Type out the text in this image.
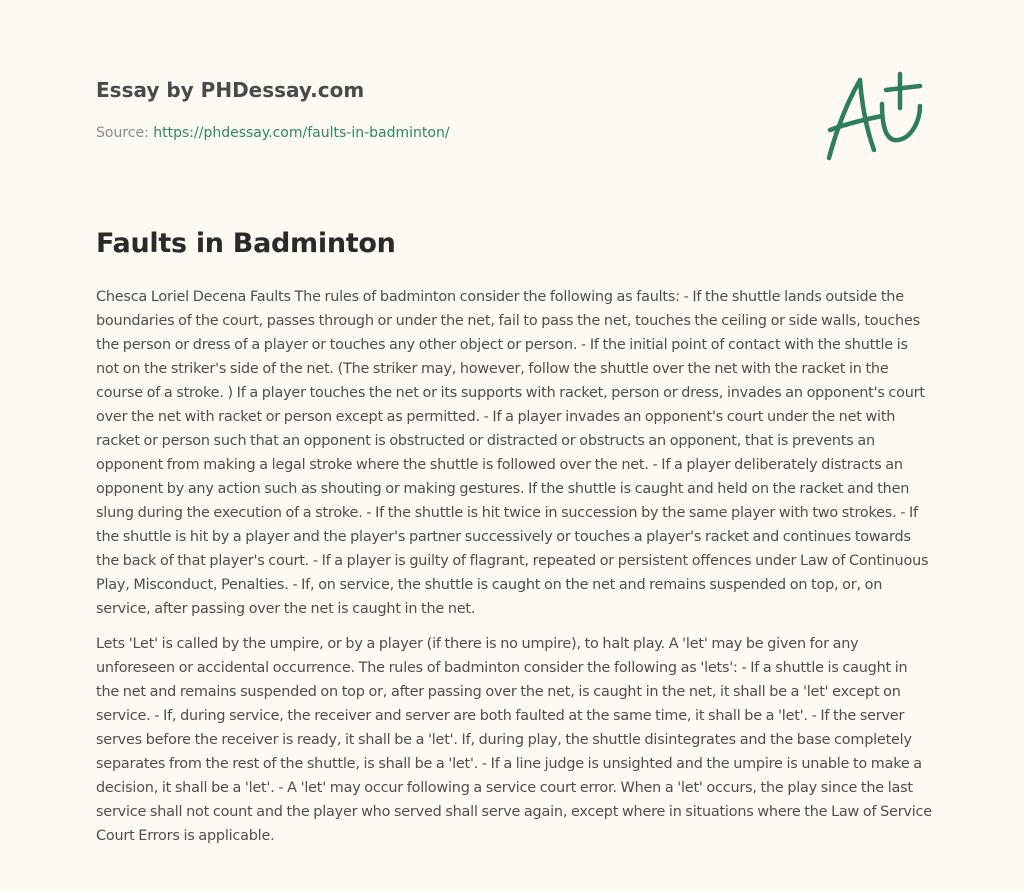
Essay by PHDessay.com

Source: https://phdessay.com/faults-in-badminton/

Faults in Badminton

Chesca Loriel Decena Faults The rules of badminton consider the following as faults: - If the shuttle lands outside the boundaries of the court, passes through or under the net, fail to pass the net, touches the ceiling or side walls, touches the person or dress of a player or touches any other object or person. - If the initial point of contact with the shuttle is not on the striker's side of the net. (The striker may, however, follow the shuttle over the net with the racket in the course of a stroke. ) If a player touches the net or its supports with racket, person or dress, invades an opponent's court over the net with racket or person except as permitted. - If a player invades an opponent's court under the net with racket or person such that an opponent is obstructed or distracted or obstructs an opponent, that is prevents an opponent from making a legal stroke where the shuttle is followed over the net. - If a player deliberately distracts an opponent by any action such as shouting or making gestures. If the shuttle is caught and held on the racket and then slung during the execution of a stroke. - If the shuttle is hit twice in succession by the same player with two strokes. - If the shuttle is hit by a player and the player's partner successively or touches a player's racket and continues towards the back of that player's court. - If a player is guilty of flagrant, repeated or persistent offences under Law of Continuous Play, Misconduct, Penalties. - If, on service, the shuttle is caught on the net and remains suspended on top, or, on service, after passing over the net is caught in the net.

Lets 'Let' is called by the umpire, or by a player (if there is no umpire), to halt play. A 'let' may be given for any unforeseen or accidental occurrence. The rules of badminton consider the following as 'lets': - If a shuttle is caught in the net and remains suspended on top or, after passing over the net, is caught in the net, it shall be a 'let' except on service. - If, during service, the receiver and server are both faulted at the same time, it shall be a 'let'. - If the server serves before the receiver is ready, it shall be a 'let'. If, during play, the shuttle disintegrates and the base completely separates from the rest of the shuttle, is shall be a 'let'. - If a line judge is unsighted and the umpire is unable to make a decision, it shall be a 'let'. - A 'let' may occur following a service court error. When a 'let' occurs, the play since the last service shall not count and the player who served shall serve again, except where in situations where the Law of Service Court Errors is applicable.
